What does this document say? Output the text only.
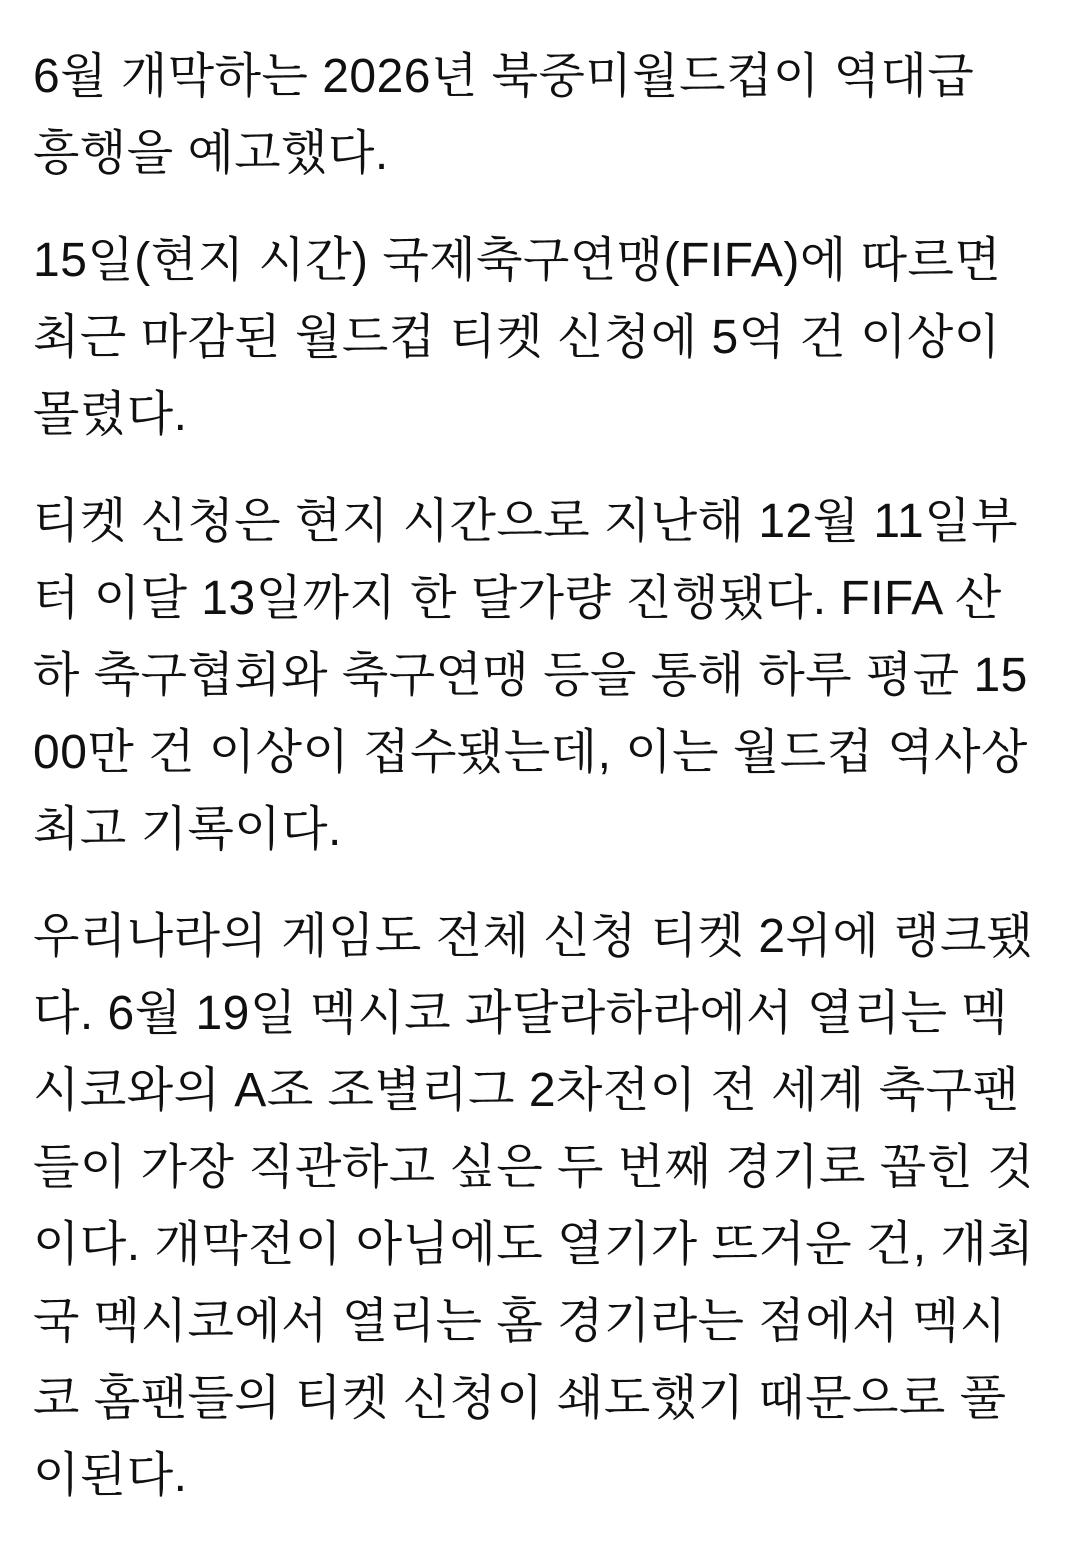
6월 개막하는 2026년 북중미월드컵이 역대급
흥행을 예고했다.
15일(현지 시간) 국제축구연맹(FIFA)에 따르면
최근 마감된 월드컵 티켓 신청에 5억 건 이상이
몰렸다.
티켓 신청은 현지 시간으로 지난해 12월 11일부
터 이달 13일까지 한 달가량 진행됐다. FIFA 산
하 축구협회와 축구연맹 등을 통해 하루 평균 15
00만 건 이상이 접수됐는데, 이는 월드컵 역사상
최고 기록이다.
우리나라의 게임도 전체 신청 티켓 2위에 랭크됐
다. 6월 19일 멕시코 과달라하라에서 열리는 멕
시코와의 A조 조별리그 2차전이 전 세계 축구팬
들이 가장 직관하고 싶은 두 번째 경기로 꼽힌 것
이다. 개막전이 아님에도 열기가 뜨거운 건, 개최
국 멕시코에서 열리는 홈 경기라는 점에서 멕시
코 홈팬들의 티켓 신청이 쇄도했기 때문으로 풀
이된다.
